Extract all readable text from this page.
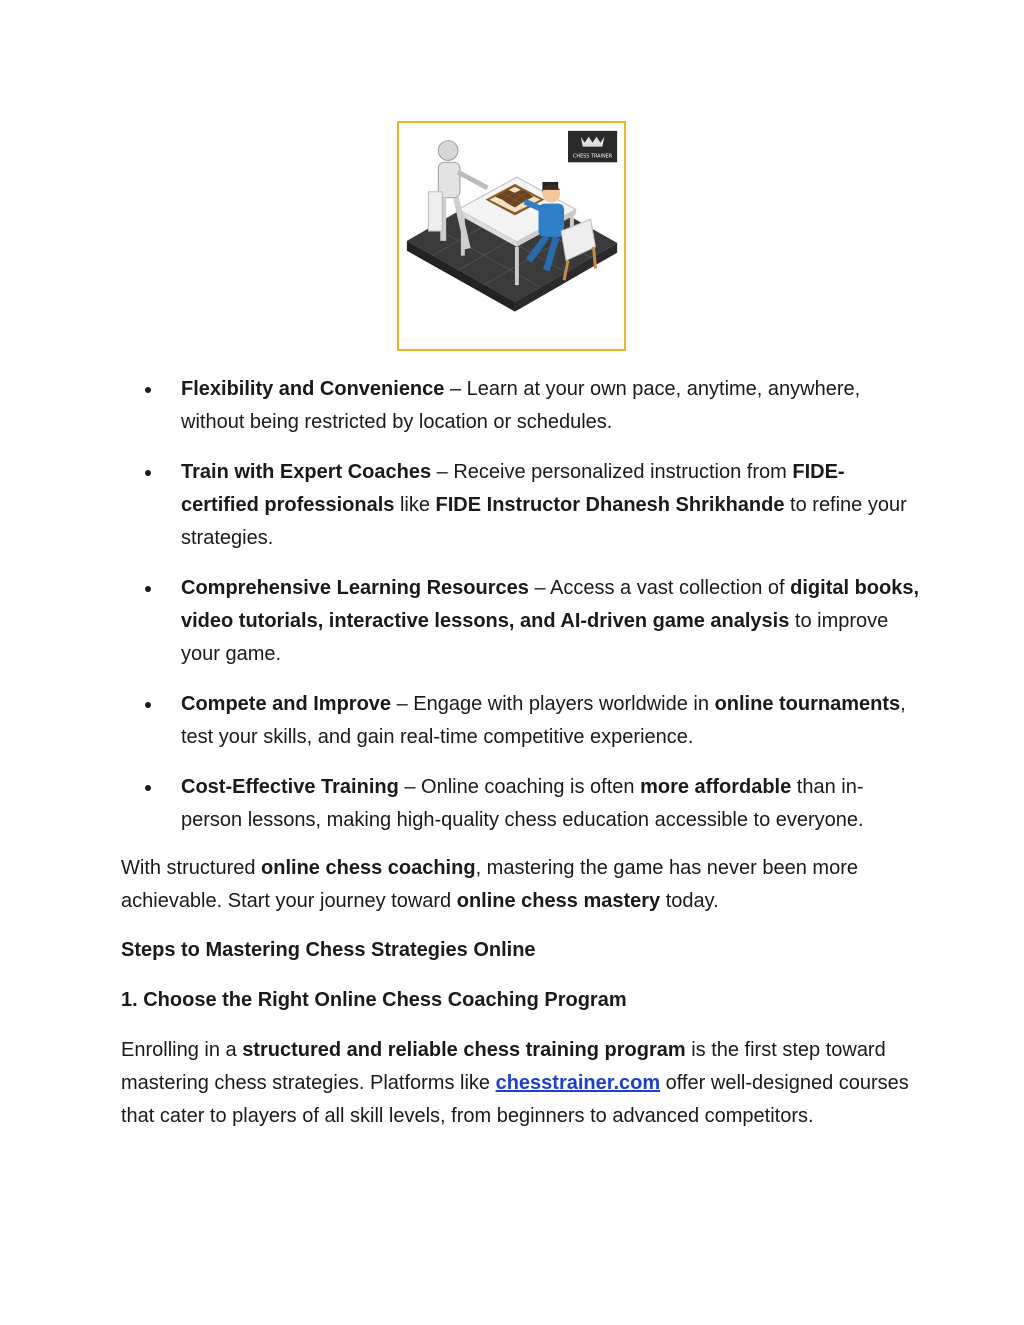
CHESS TRAINER
Flexibility and Convenience – Learn at your own pace, anytime, anywhere, without being restricted by location or schedules.
Train with Expert Coaches – Receive personalized instruction from FIDE-certified professionals like FIDE Instructor Dhanesh Shrikhande to refine your strategies.
Comprehensive Learning Resources – Access a vast collection of digital books, video tutorials, interactive lessons, and AI-driven game analysis to improve your game.
Compete and Improve – Engage with players worldwide in online tournaments, test your skills, and gain real-time competitive experience.
Cost-Effective Training – Online coaching is often more affordable than in-person lessons, making high-quality chess education accessible to everyone.

With structured online chess coaching, mastering the game has never been more achievable. Start your journey toward online chess mastery today.

Steps to Mastering Chess Strategies Online

1. Choose the Right Online Chess Coaching Program

Enrolling in a structured and reliable chess training program is the first step toward mastering chess strategies. Platforms like chesstrainer.com offer well-designed courses that cater to players of all skill levels, from beginners to advanced competitors.
